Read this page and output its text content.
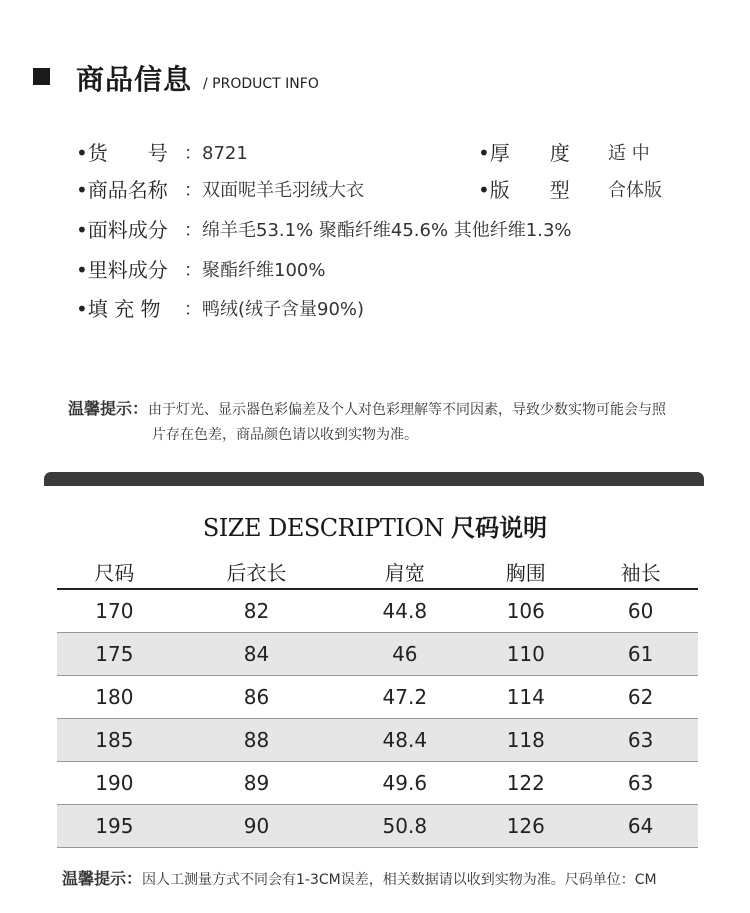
商品信息 / PRODUCT INFO
•货　　号 ：8721	•厚　　度 适 中
•商品名称 ：双面呢羊毛羽绒大衣	•版　　型 合体版
•面料成分 ：绵羊毛53.1% 聚酯纤维45.6% 其他纤维1.3%
•里料成分 ：聚酯纤维100%
•填 充 物 ：鸭绒(绒子含量90%)
温馨提示：由于灯光、显示器色彩偏差及个人对色彩理解等不同因素，导致少数实物可能会与照
片存在色差，商品颜色请以收到实物为准。
SIZE DESCRIPTION 尺码说明
尺码	后衣长	肩宽	胸围	袖长
170	82	44.8	106	60
175	84	46	110	61
180	86	47.2	114	62
185	88	48.4	118	63
190	89	49.6	122	63
195	90	50.8	126	64
温馨提示：因人工测量方式不同会有1-3CM误差，相关数据请以收到实物为准。尺码单位：CM
